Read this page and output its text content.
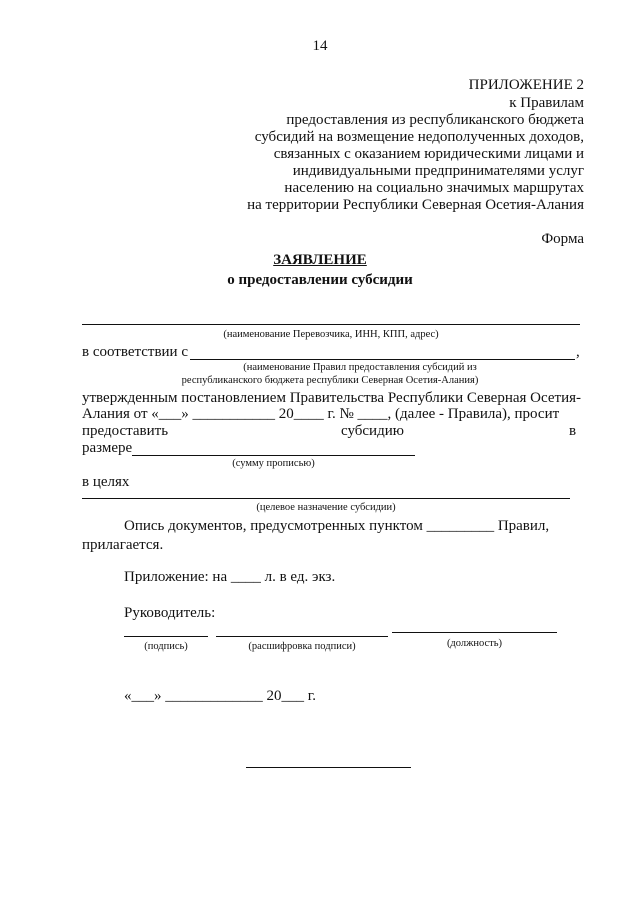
14
ПРИЛОЖЕНИЕ 2
к Правилам
предоставления из республиканского бюджета
субсидий на возмещение недополученных доходов,
связанных с оказанием юридическими лицами и
индивидуальными предпринимателями услуг
населению на социально значимых маршрутах
на территории Республики Северная Осетия-Алания
Форма
ЗАЯВЛЕНИЕ
о предоставлении субсидии
(наименование Перевозчика, ИНН, КПП, адрес)
в соответствии с	,
(наименование Правил предоставления субсидий из
республиканского бюджета республики Северная Осетия-Алания)
утвержденным постановлением Правительства Республики Северная Осетия-
Алания от «___» ___________ 20____ г. № ____, (далее - Правила), просит
предоставить	субсидию	в
размере
(сумму прописью)
в целях
(целевое назначение субсидии)
Опись документов, предусмотренных пунктом _________ Правил,
прилагается.
Приложение: на ____ л. в ед. экз.
Руководитель:
(подпись)	(расшифровка подписи)	(должность)
«___» _____________ 20___ г.
